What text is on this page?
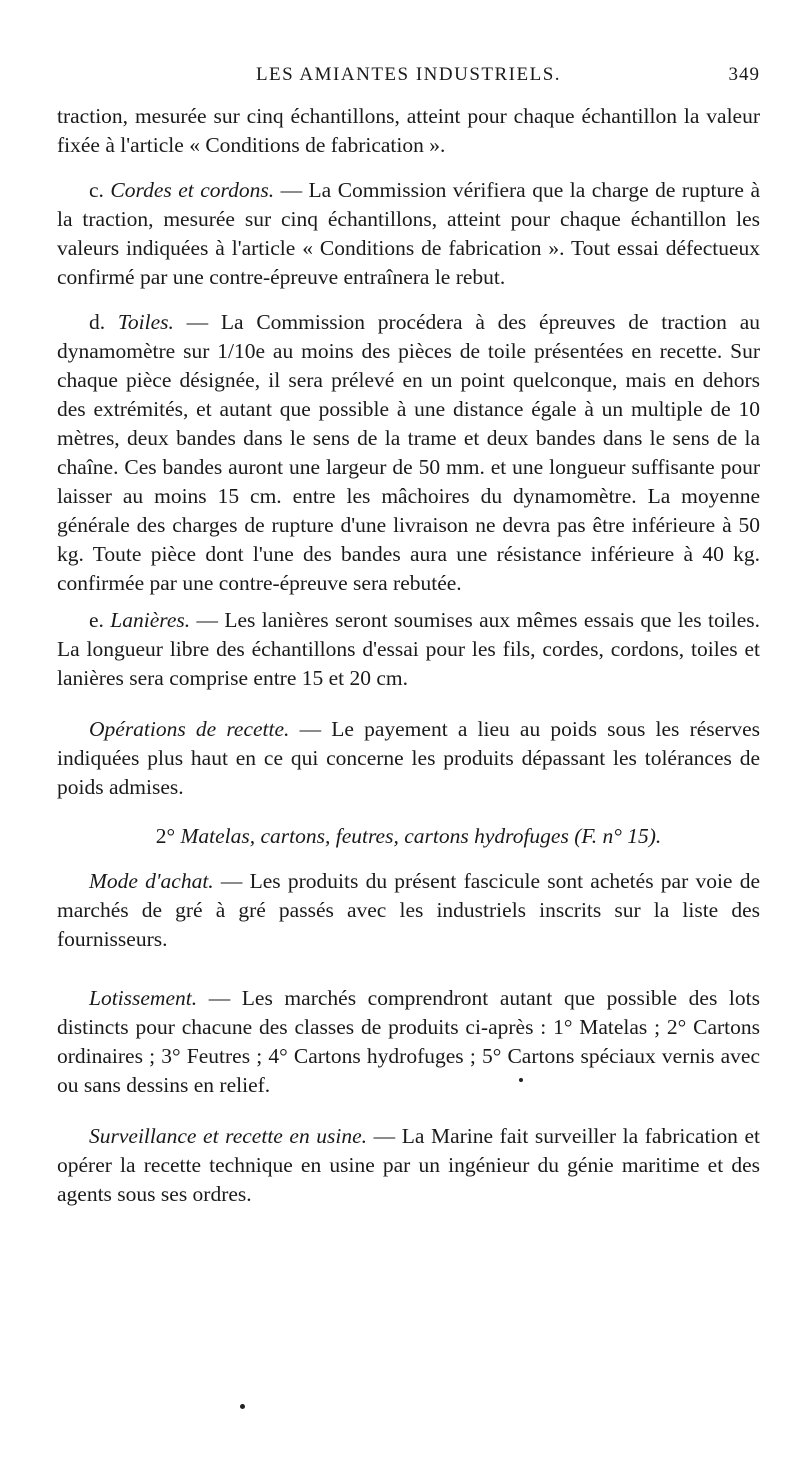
LES AMIANTES INDUSTRIELS.	349

traction, mesurée sur cinq échantillons, atteint pour chaque échantillon la valeur fixée à l'article « Conditions de fabrication ».

c. Cordes et cordons. — La Commission vérifiera que la charge de rupture à la traction, mesurée sur cinq échantillons, atteint pour chaque échantillon les valeurs indiquées à l'article « Conditions de fabrication ». Tout essai défectueux confirmé par une contre-épreuve entraînera le rebut.

d. Toiles. — La Commission procédera à des épreuves de traction au dynamomètre sur 1/10e au moins des pièces de toile présentées en recette. Sur chaque pièce désignée, il sera prélevé en un point quelconque, mais en dehors des extrémités, et autant que possible à une distance égale à un multiple de 10 mètres, deux bandes dans le sens de la trame et deux bandes dans le sens de la chaîne. Ces bandes auront une largeur de 50 mm. et une longueur suffisante pour laisser au moins 15 cm. entre les mâchoires du dynamomètre. La moyenne générale des charges de rupture d'une livraison ne devra pas être inférieure à 50 kg. Toute pièce dont l'une des bandes aura une résistance inférieure à 40 kg. confirmée par une contre-épreuve sera rebutée.

e. Lanières. — Les lanières seront soumises aux mêmes essais que les toiles. La longueur libre des échantillons d'essai pour les fils, cordes, cordons, toiles et lanières sera comprise entre 15 et 20 cm.

Opérations de recette. — Le payement a lieu au poids sous les réserves indiquées plus haut en ce qui concerne les produits dépassant les tolérances de poids admises.

2° Matelas, cartons, feutres, cartons hydrofuges (F. n° 15).

Mode d'achat. — Les produits du présent fascicule sont achetés par voie de marchés de gré à gré passés avec les industriels inscrits sur la liste des fournisseurs.

Lotissement. — Les marchés comprendront autant que possible des lots distincts pour chacune des classes de produits ci-après : 1° Matelas ; 2° Cartons ordinaires ; 3° Feutres ; 4° Cartons hydrofuges ; 5° Cartons spéciaux vernis avec ou sans dessins en relief.

Surveillance et recette en usine. — La Marine fait surveiller la fabrication et opérer la recette technique en usine par un ingénieur du génie maritime et des agents sous ses ordres.
